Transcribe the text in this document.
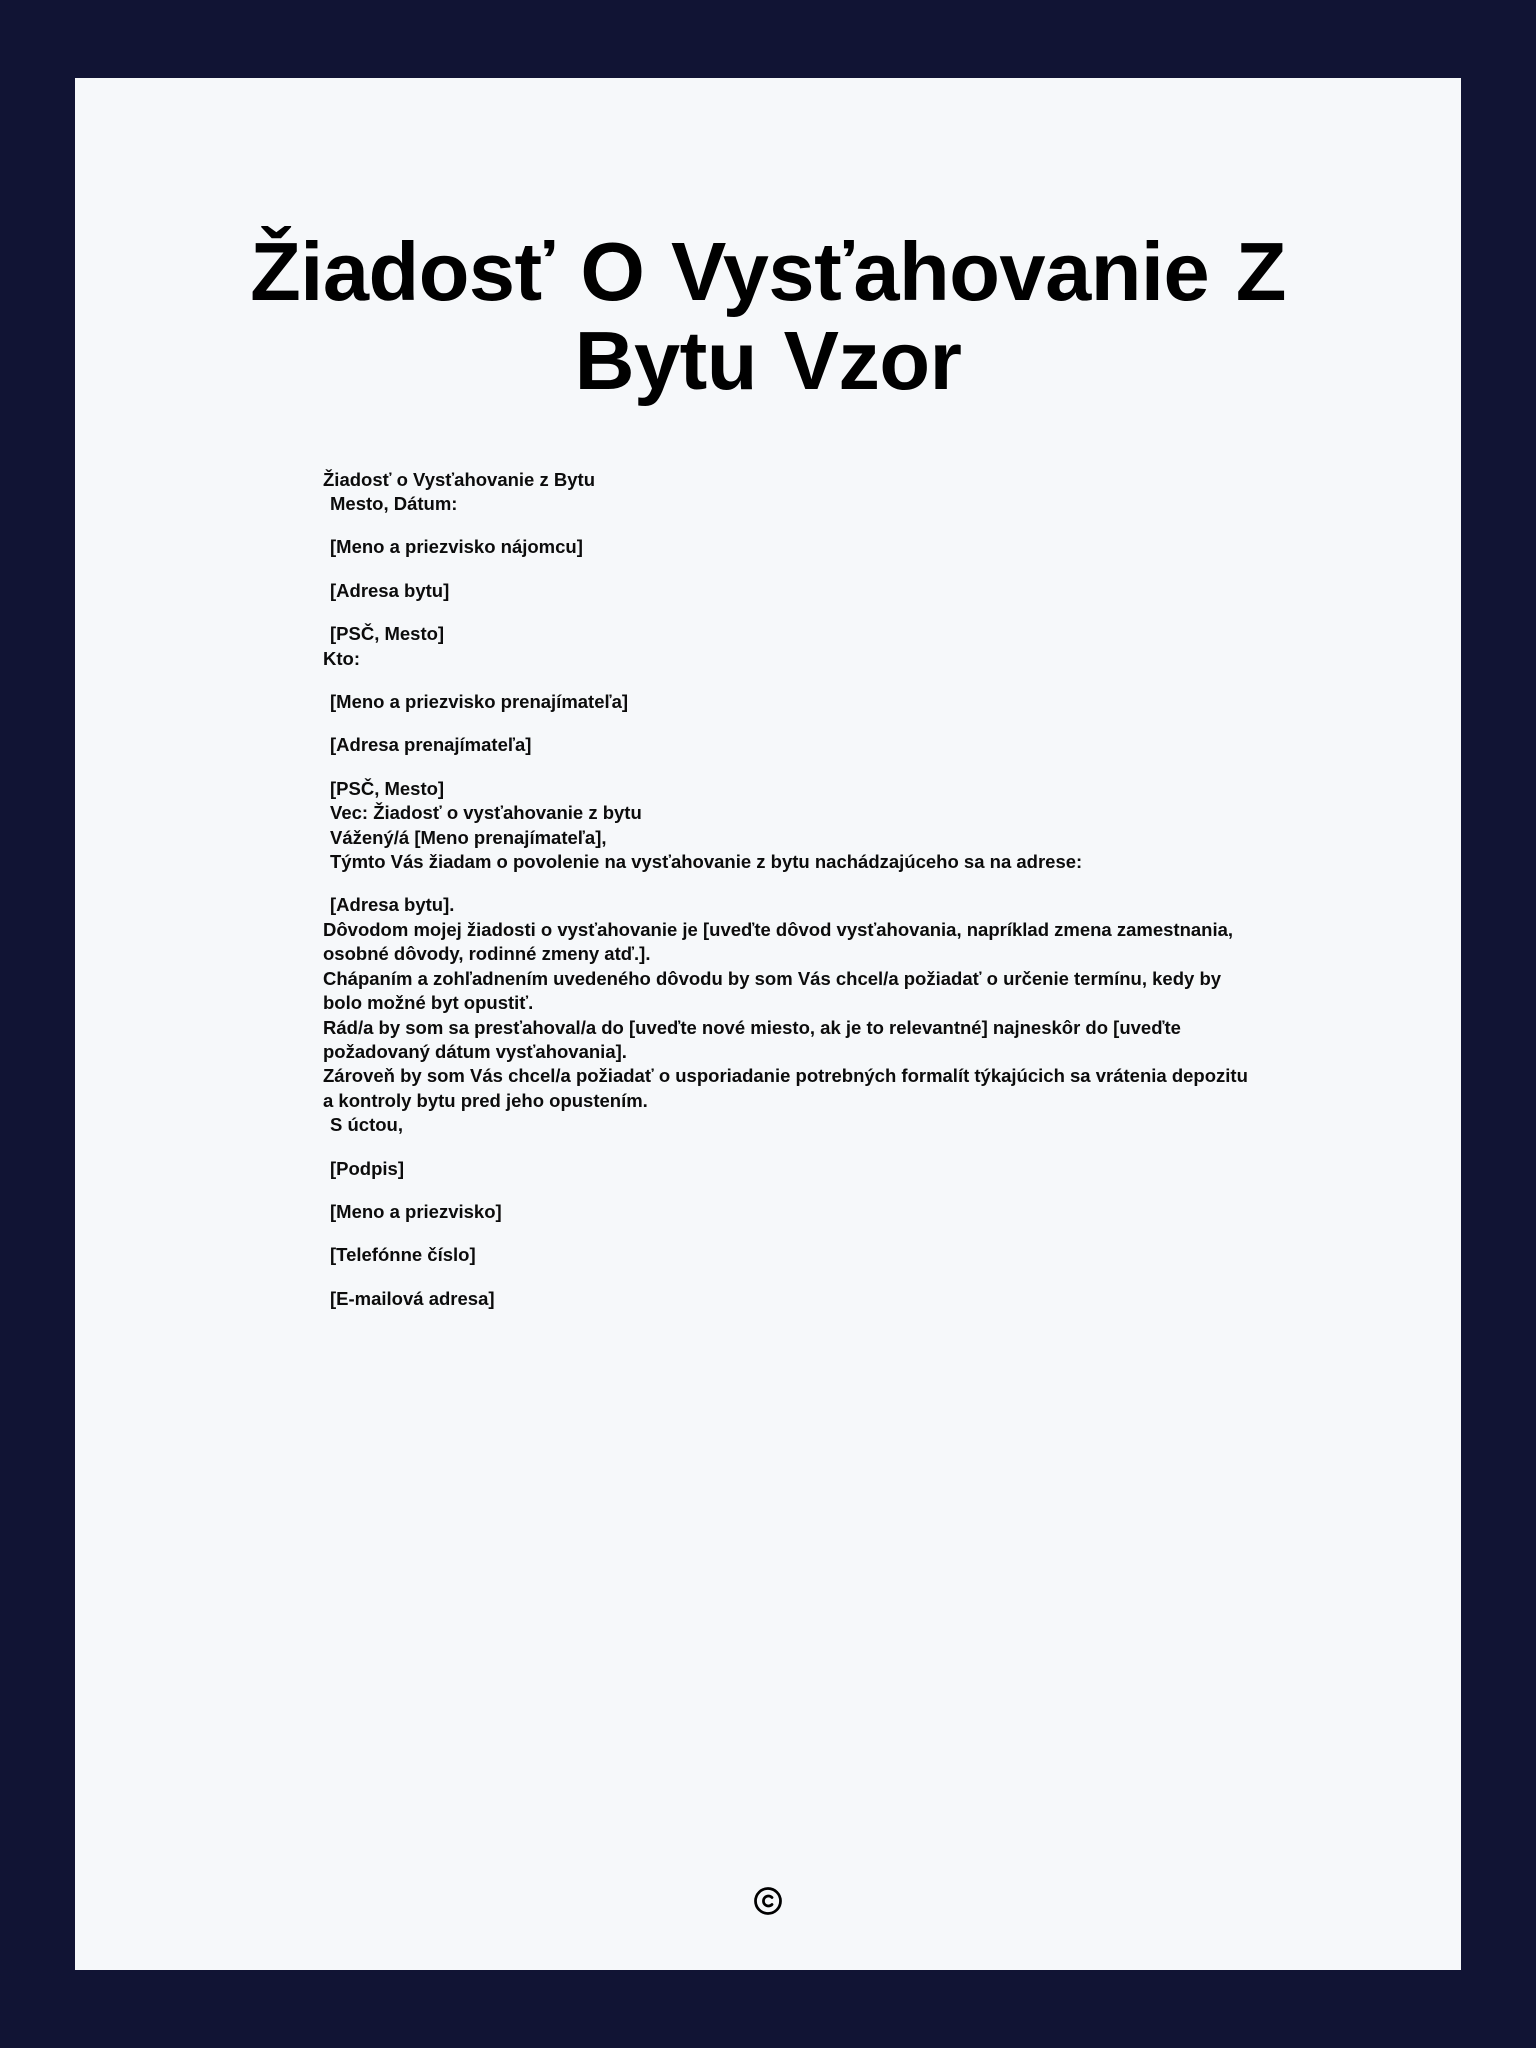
Žiadosť O Vysťahovanie Z Bytu Vzor

Žiadosť o Vysťahovanie z Bytu

Mesto, Dátum:

[Meno a priezvisko nájomcu]

[Adresa bytu]

[PSČ, Mesto]

Kto:

[Meno a priezvisko prenajímateľa]

[Adresa prenajímateľa]

[PSČ, Mesto]

Vec: Žiadosť o vysťahovanie z bytu

Vážený/á [Meno prenajímateľa],

Týmto Vás žiadam o povolenie na vysťahovanie z bytu nachádzajúceho sa na adrese:

[Adresa bytu].

Dôvodom mojej žiadosti o vysťahovanie je [uveďte dôvod vysťahovania, napríklad zmena zamestnania, osobné dôvody, rodinné zmeny atď.].

Chápaním a zohľadnením uvedeného dôvodu by som Vás chcel/a požiadať o určenie termínu, kedy by bolo možné byt opustiť.

Rád/a by som sa presťahoval/a do [uveďte nové miesto, ak je to relevantné] najneskôr do [uveďte požadovaný dátum vysťahovania].

Zároveň by som Vás chcel/a požiadať o usporiadanie potrebných formalít týkajúcich sa vrátenia depozitu a kontroly bytu pred jeho opustením.

S úctou,

[Podpis]

[Meno a priezvisko]

[Telefónne číslo]

[E-mailová adresa]
